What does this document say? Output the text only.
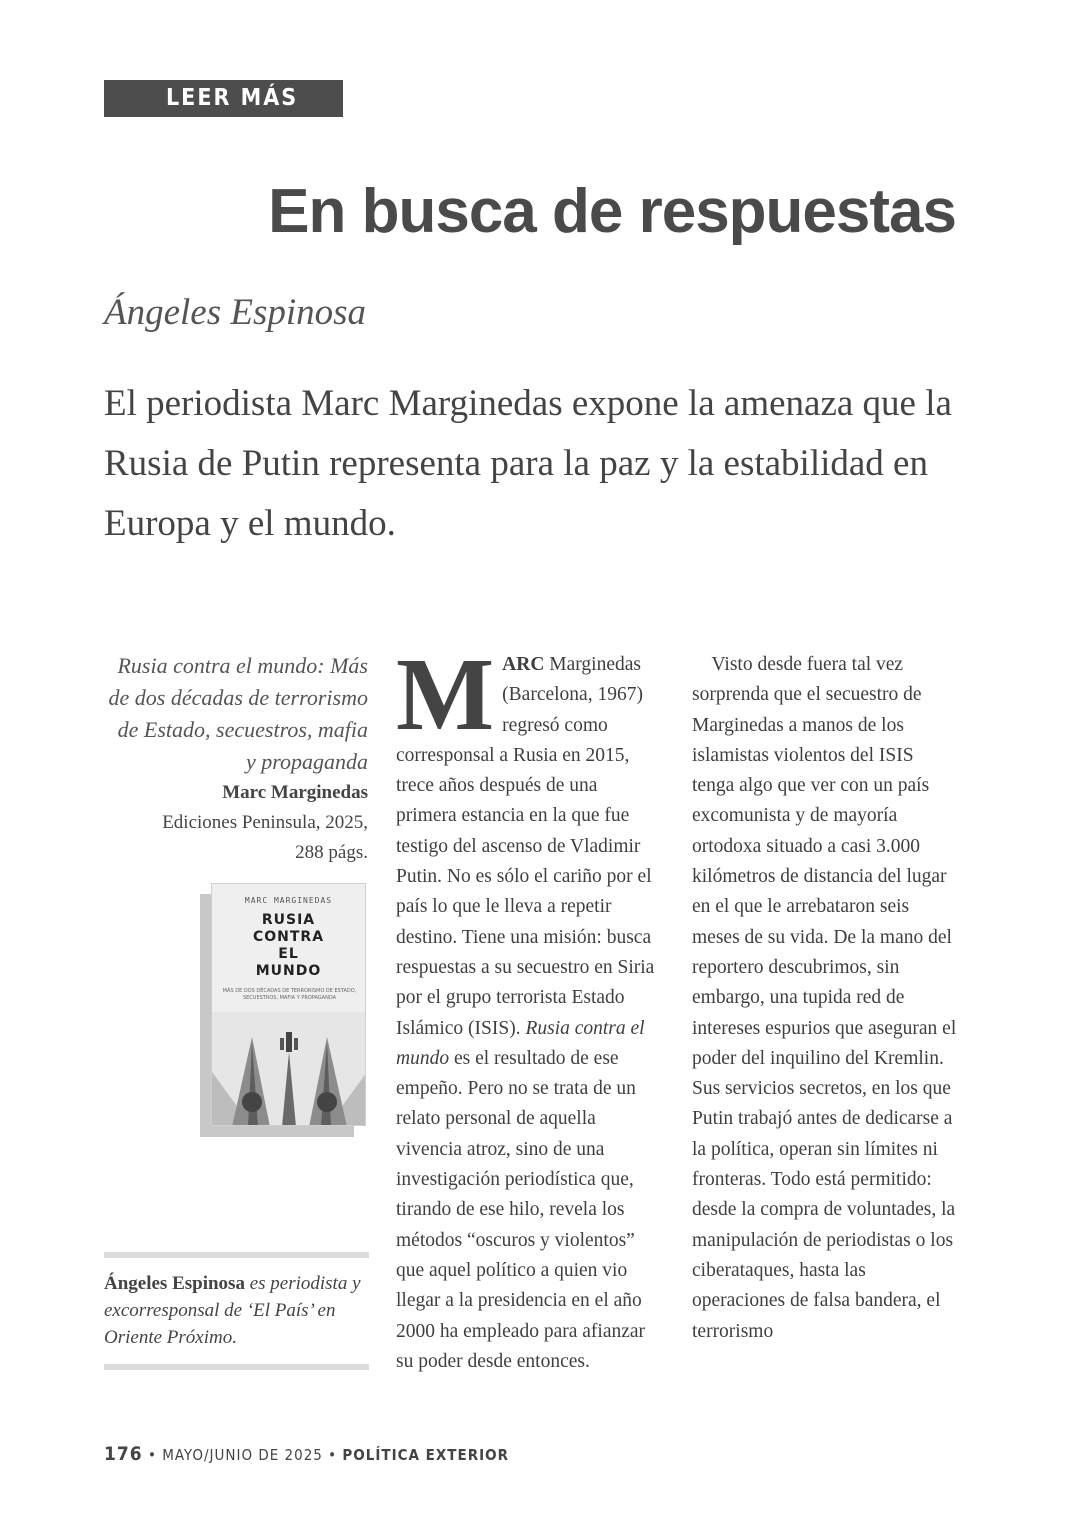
LEER MÁS
En busca de respuestas

Ángeles Espinosa

El periodista Marc Marginedas expone la amenaza que la Rusia de Putin representa para la paz y la estabilidad en Europa y el mundo.

Rusia contra el mundo: Más de dos décadas de terrorismo de Estado, secuestros, mafia y propaganda
Marc Marginedas
Ediciones Peninsula, 2025,
288 págs.
MARC MARGINEDAS
RUSIA
CONTRA
EL
MUNDO
MÁS DE DOS DÉCADAS DE TERRORISMO DE ESTADO, SECUESTROS, MAFIA Y PROPAGANDA

Ángeles Espinosa es periodista y excorresponsal de ‘El País’ en Oriente Próximo.

MARC Marginedas (Barcelona, 1967) regresó como corresponsal a Rusia en 2015, trece años después de una primera estancia en la que fue testigo del ascenso de Vladimir Putin. No es sólo el cariño por el país lo que le lleva a repetir destino. Tiene una misión: busca respuestas a su secuestro en Siria por el grupo terrorista Estado Islámico (ISIS). Rusia contra el mundo es el resultado de ese empeño. Pero no se trata de un relato personal de aquella vivencia atroz, sino de una investigación periodística que, tirando de ese hilo, revela los métodos “oscuros y violentos” que aquel político a quien vio llegar a la presidencia en el año 2000 ha empleado para afianzar su poder desde entonces.

 Visto desde fuera tal vez sorprenda que el secuestro de Marginedas a manos de los islamistas violentos del ISIS tenga algo que ver con un país excomunista y de mayoría ortodoxa situado a casi 3.000 kilómetros de distancia del lugar en el que le arrebataron seis meses de su vida. De la mano del reportero descubrimos, sin embargo, una tupida red de intereses espurios que aseguran el poder del inquilino del Kremlin. Sus servicios secretos, en los que Putin trabajó antes de dedicarse a la política, operan sin límites ni fronteras. Todo está permitido: desde la compra de voluntades, la manipulación de periodistas o los ciberataques, hasta las operaciones de falsa bandera, el terrorismo

176 • MAYO/JUNIO DE 2025 • POLÍTICA EXTERIOR
